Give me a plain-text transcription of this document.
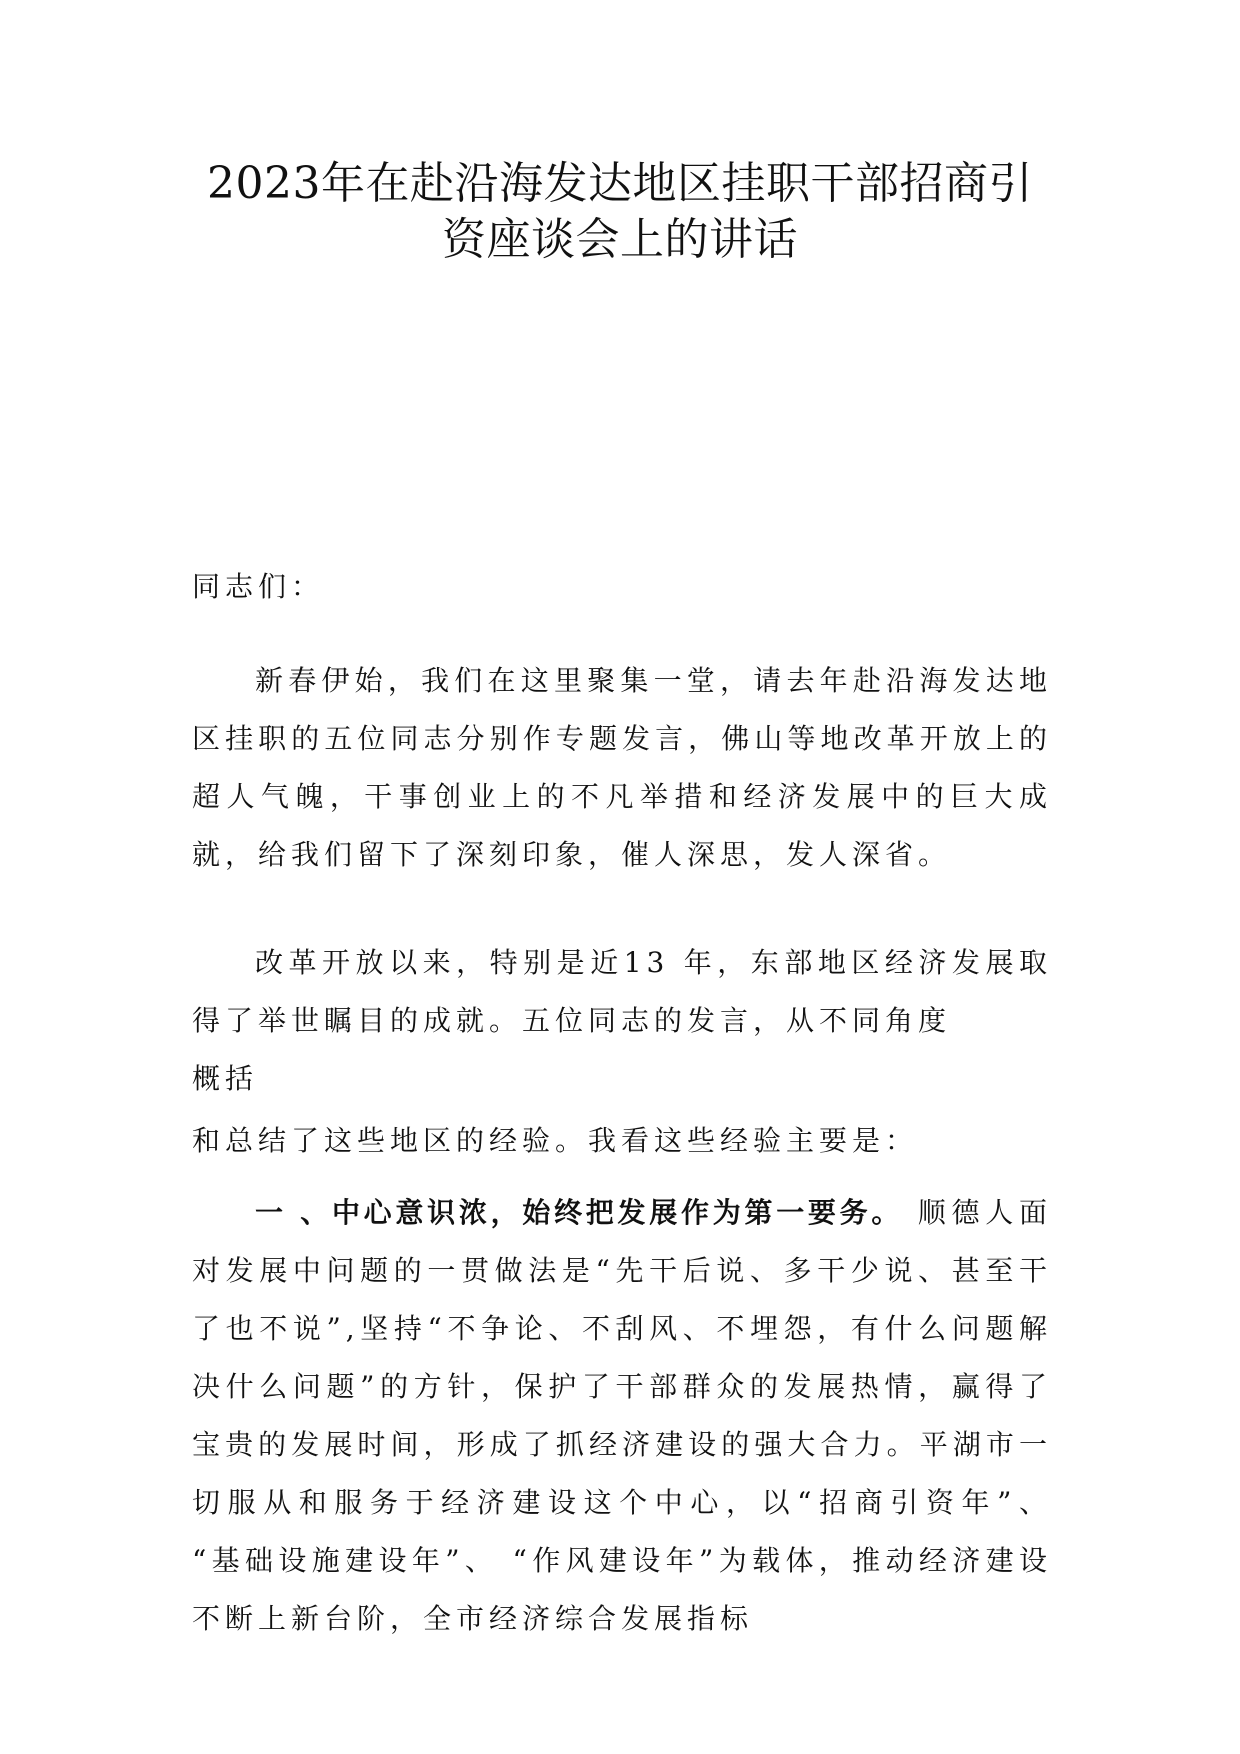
2023年在赴沿海发达地区挂职干部招商引
资座谈会上的讲话

同志们：

新春伊始，我们在这里聚集一堂，请去年赴沿海发达地区挂职的五位同志分别作专题发言，佛山等地改革开放上的超人气魄，干事创业上的不凡举措和经济发展中的巨大成就，给我们留下了深刻印象，催人深思，发人深省。

改革开放以来，特别是近13 年，东部地区经济发展取 得了举世瞩目的成就。五位同志的发言，从不同角度
概括

和总结了这些地区的经验。我看这些经验主要是：

一 、中心意识浓，始终把发展作为第一要务。 顺德人面对发展中问题的一贯做法是“先干后说、多干少说、甚至干了也不说”,坚持“不争论、不刮风、不埋怨，有什么问题解决什么问题”的方针，保护了干部群众的发展热情，赢得了宝贵的发展时间，形成了抓经济建设的强大合力。平湖市一切服从和服务于经济建设这个中心，以“招商引资年”、 “基础设施建设年”、 “作风建设年”为载体，推动经济建设不断上新台阶，全市经济综合发展指标
